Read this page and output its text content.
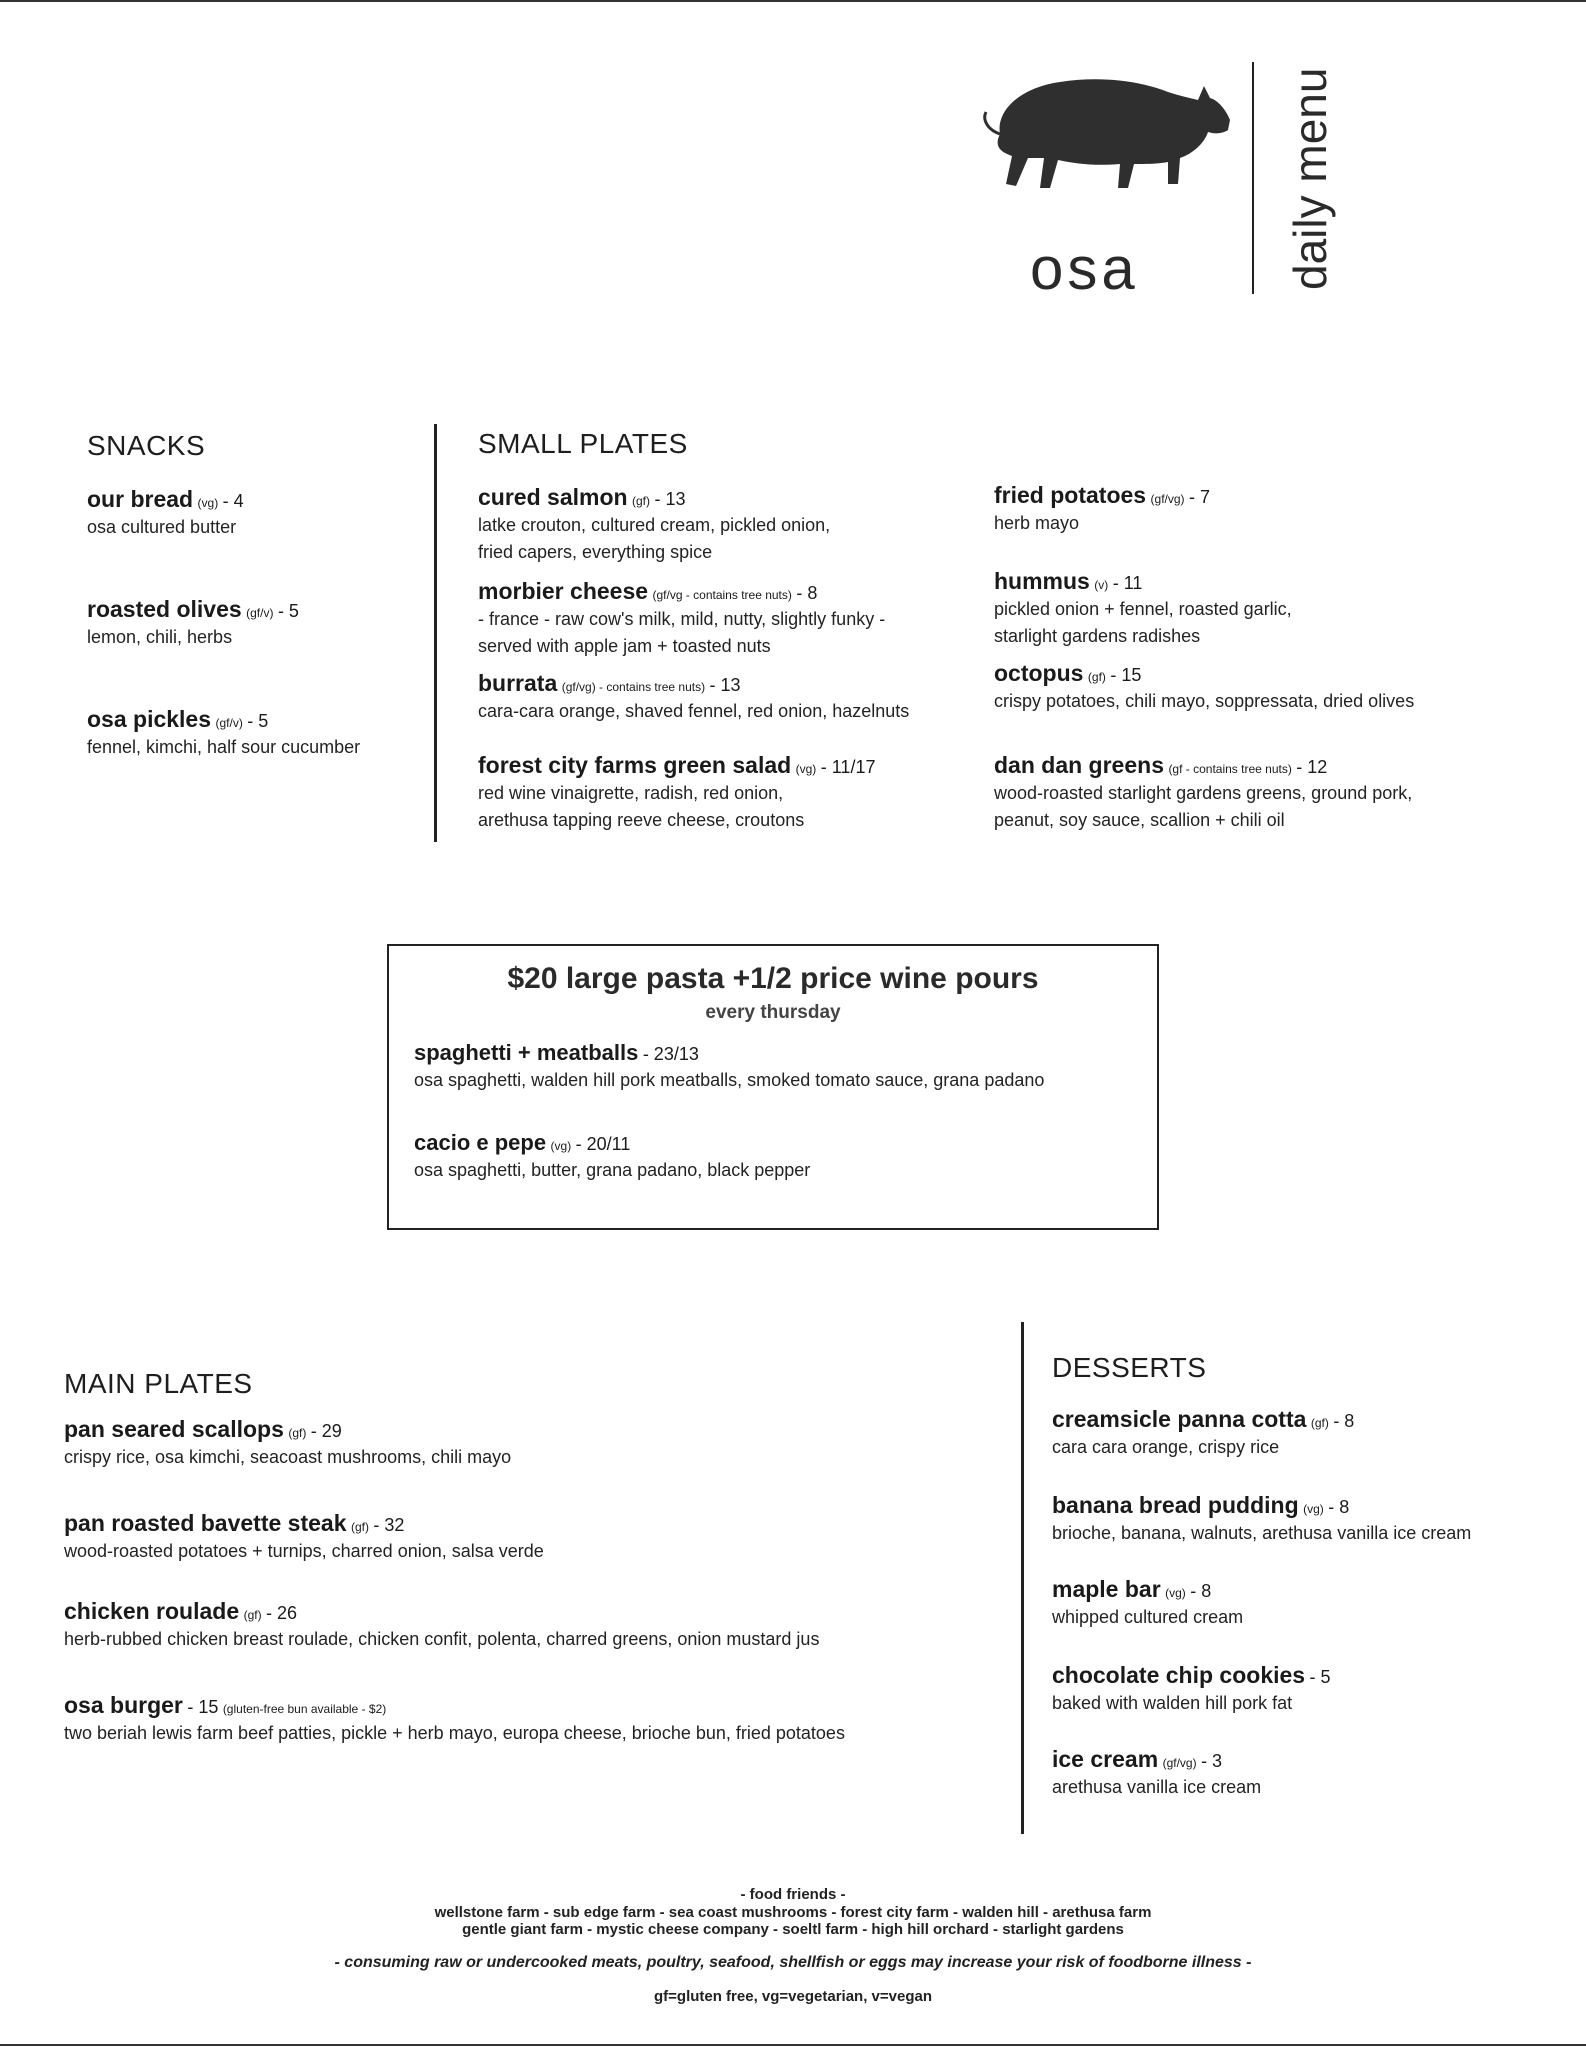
osa	daily menu
SNACKS
our bread (vg) - 4
osa cultured butter
roasted olives (gf/v) - 5
lemon, chili, herbs
osa pickles (gf/v) - 5
fennel, kimchi, half sour cucumber
SMALL PLATES
cured salmon (gf) - 13
latke crouton, cultured cream, pickled onion,
fried capers, everything spice
morbier cheese (gf/vg - contains tree nuts) - 8
- france - raw cow's milk, mild, nutty, slightly funky -
served with apple jam + toasted nuts
burrata (gf/vg) - contains tree nuts) - 13
cara-cara orange, shaved fennel, red onion, hazelnuts
forest city farms green salad (vg) - 11/17
red wine vinaigrette, radish, red onion,
arethusa tapping reeve cheese, croutons
fried potatoes (gf/vg) - 7
herb mayo
hummus (v) - 11
pickled onion + fennel, roasted garlic,
starlight gardens radishes
octopus (gf) - 15
crispy potatoes, chili mayo, soppressata, dried olives
dan dan greens (gf - contains tree nuts) - 12
wood-roasted starlight gardens greens, ground pork,
peanut, soy sauce, scallion + chili oil
$20 large pasta +1/2 price wine pours
every thursday
spaghetti + meatballs - 23/13
osa spaghetti, walden hill pork meatballs, smoked tomato sauce, grana padano
cacio e pepe (vg) - 20/11
osa spaghetti, butter, grana padano, black pepper
MAIN PLATES
pan seared scallops (gf) - 29
crispy rice, osa kimchi, seacoast mushrooms, chili mayo
pan roasted bavette steak (gf) - 32
wood-roasted potatoes + turnips, charred onion, salsa verde
chicken roulade (gf) - 26
herb-rubbed chicken breast roulade, chicken confit, polenta, charred greens, onion mustard jus
osa burger - 15 (gluten-free bun available - $2)
two beriah lewis farm beef patties, pickle + herb mayo, europa cheese, brioche bun, fried potatoes
DESSERTS
creamsicle panna cotta (gf) - 8
cara cara orange, crispy rice
banana bread pudding (vg) - 8
brioche, banana, walnuts, arethusa vanilla ice cream
maple bar (vg) - 8
whipped cultured cream
chocolate chip cookies - 5
baked with walden hill pork fat
ice cream (gf/vg) - 3
arethusa vanilla ice cream
- food friends -
wellstone farm - sub edge farm - sea coast mushrooms - forest city farm - walden hill - arethusa farm
gentle giant farm - mystic cheese company - soeltl farm - high hill orchard - starlight gardens
- consuming raw or undercooked meats, poultry, seafood, shellfish or eggs may increase your risk of foodborne illness -
gf=gluten free, vg=vegetarian, v=vegan
